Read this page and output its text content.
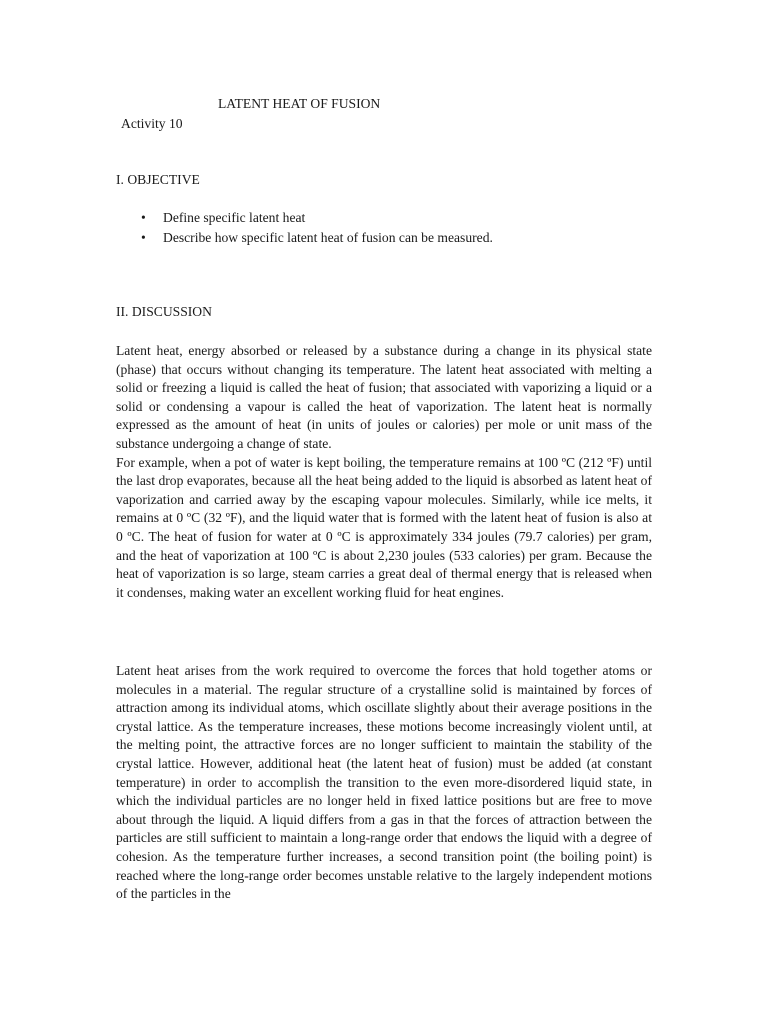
LATENT HEAT OF FUSION
Activity 10
I. OBJECTIVE
• Define specific latent heat
• Describe how specific latent heat of fusion can be measured.
II. DISCUSSION

Latent heat, energy absorbed or released by a substance during a change in its physical state (phase) that occurs without changing its temperature. The latent heat associated with melting a solid or freezing a liquid is called the heat of fusion; that associated with vaporizing a liquid or a solid or condensing a vapour is called the heat of vaporization. The latent heat is normally expressed as the amount of heat (in units of joules or calories) per mole or unit mass of the substance undergoing a change of state.

For example, when a pot of water is kept boiling, the temperature remains at 100 ºC (212 ºF) until the last drop evaporates, because all the heat being added to the liquid is absorbed as latent heat of vaporization and carried away by the escaping vapour molecules. Similarly, while ice melts, it remains at 0 ºC (32 ºF), and the liquid water that is formed with the latent heat of fusion is also at 0 ºC. The heat of fusion for water at 0 ºC is approximately 334 joules (79.7 calories) per gram, and the heat of vaporization at 100 ºC is about 2,230 joules (533 calories) per gram. Because the heat of vaporization is so large, steam carries a great deal of thermal energy that is released when it condenses, making water an excellent working fluid for heat engines.

Latent heat arises from the work required to overcome the forces that hold together atoms or molecules in a material. The regular structure of a crystalline solid is maintained by forces of attraction among its individual atoms, which oscillate slightly about their average positions in the crystal lattice. As the temperature increases, these motions become increasingly violent until, at the melting point, the attractive forces are no longer sufficient to maintain the stability of the crystal lattice. However, additional heat (the latent heat of fusion) must be added (at constant temperature) in order to accomplish the transition to the even more-disordered liquid state, in which the individual particles are no longer held in fixed lattice positions but are free to move about through the liquid. A liquid differs from a gas in that the forces of attraction between the particles are still sufficient to maintain a long-range order that endows the liquid with a degree of cohesion. As the temperature further increases, a second transition point (the boiling point) is reached where the long-range order becomes unstable relative to the largely independent motions of the particles in the
